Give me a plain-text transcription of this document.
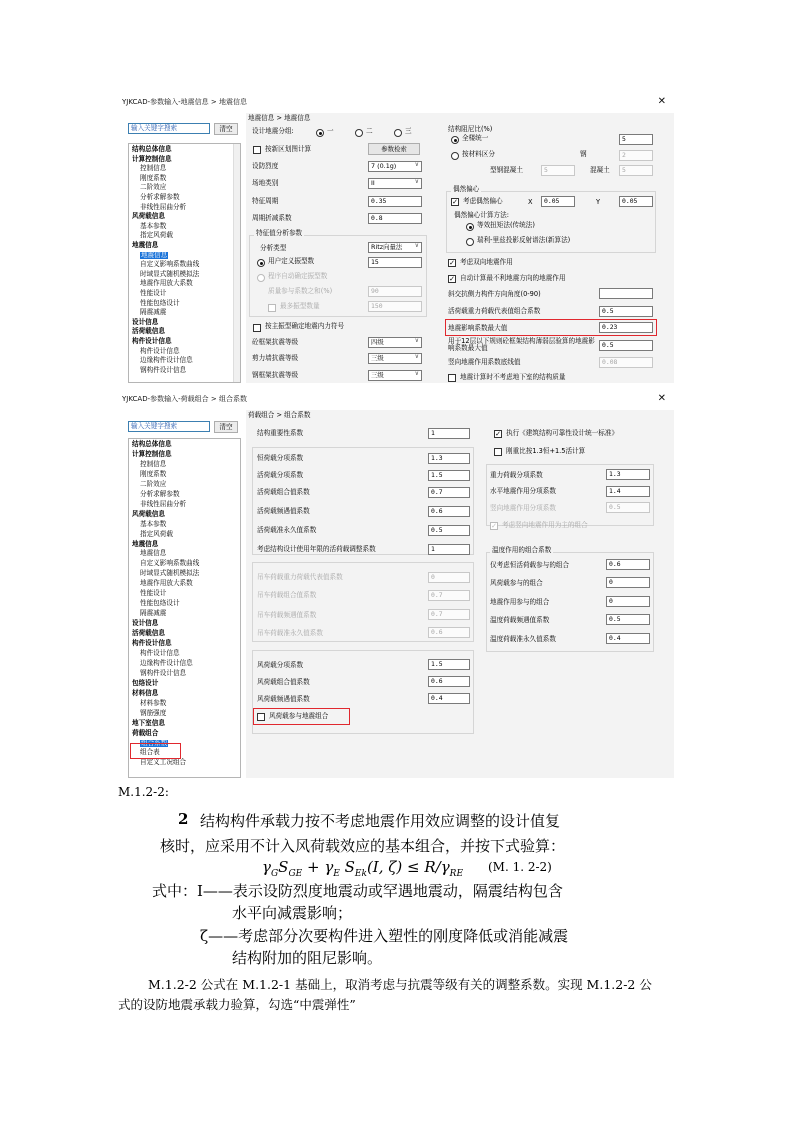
YJKCAD-参数输入-地震信息 > 地震信息	✕
输入关键字搜索	清空
结构总体信息
计算控制信息
控制信息
刚度系数
二阶效应
分析求解参数
非线性屈曲分析
风荷载信息
基本参数
指定风荷载
地震信息
地震信息
自定义影响系数曲线
时域显式随机模拟法
地震作用放大系数
性能设计
性能包络设计
隔震减震
设计信息
活荷载信息
构件设计信息
构件设计信息
边缘构件设计信息
钢构件设计信息
地震信息 > 地震信息
设计地震分组:	一	二	三
按新区划图计算	参数检索
设防烈度	7 (0.1g) ∨
场地类别	II ∨
特征周期	0.35
周期折减系数	0.8
特征值分析参数
分析类型	Ritz向量法 ∨
用户定义振型数	15
程序自动确定振型数
质量参与系数之和(%)	90
最多振型数量	150
按主振型确定地震内力符号
砼框架抗震等级	四级 ∨
剪力墙抗震等级	三级 ∨
钢框架抗震等级	三级 ∨
结构阻尼比(%)
全楼统一	5
按材料区分	钢	2
型钢混凝土	5	混凝土	5
偶然偏心
✓ 考虑偶然偏心	X	0.05	Y	0.05
偶然偏心计算方法:
等效扭矩法(传统法)
瑞利-里兹投影反射谱法(新算法)
✓ 考虑双向地震作用
✓ 自动计算最不利地震方向的地震作用
斜交抗侧力构件方向角度(0-90)
活荷载重力荷载代表值组合系数	0.5
地震影响系数最大值	0.23
用于12层以下规则砼框架结构薄弱层验算的地震影响系数最大值	0.5
竖向地震作用系数底线值	0.08
地震计算时不考虑地下室的结构质量
YJKCAD-参数输入-荷载组合 > 组合系数	✕
输入关键字搜索	清空
结构总体信息
计算控制信息
控制信息
刚度系数
二阶效应
分析求解参数
非线性屈曲分析
风荷载信息
基本参数
指定风荷载
地震信息
地震信息
自定义影响系数曲线
时域显式随机模拟法
地震作用放大系数
性能设计
性能包络设计
隔震减震
设计信息
活荷载信息
构件设计信息
构件设计信息
边缘构件设计信息
钢构件设计信息
包络设计
材料信息
材料参数
钢筋强度
地下室信息
荷载组合
组合系数
组合表
自定义工况组合
荷载组合 > 组合系数
结构重要性系数	1	✓ 执行《建筑结构可靠性设计统一标准》
刚重比按1.3恒+1.5活计算
恒荷载分项系数	1.3
活荷载分项系数	1.5
活荷载组合值系数	0.7
活荷载频遇值系数	0.6
活荷载准永久值系数	0.5
考虑结构设计使用年限的活荷载调整系数	1
重力荷载分项系数	1.3
水平地震作用分项系数	1.4
竖向地震作用分项系数	0.5
✓ 考虑竖向地震作用为主的组合
吊车荷载重力荷载代表值系数	0
吊车荷载组合值系数	0.7
吊车荷载频遇值系数	0.7
吊车荷载准永久值系数	0.6
温度作用的组合系数
仅考虑恒活荷载参与的组合	0.6
风荷载参与的组合	0
地震作用参与的组合	0
温度荷载频遇值系数	0.5
温度荷载准永久值系数	0.4
风荷载分项系数	1.5
风荷载组合值系数	0.6
风荷载频遇值系数	0.4
风荷载参与地震组合
M.1.2-2:
2 结构构件承载力按不考虑地震作用效应调整的设计值复
核时，应采用不计入风荷载效应的基本组合，并按下式验算：
$\gamma_GS_{GE} + \gamma_E$ $S_{Ek}(I$, $\zeta) \le R/\gamma_{RE}$	(M. 1. 2-2)
式中：I——表示设防烈度地震动或罕遇地震动，隔震结构包含
水平向减震影响；
ζ——考虑部分次要构件进入塑性的刚度降低或消能减震
结构附加的阻尼影响。
M.1.2-2 公式在 M.1.2-1 基础上，取消考虑与抗震等级有关的调整系数。实现 M.1.2-2 公
式的设防地震承载力验算，勾选“中震弹性”
